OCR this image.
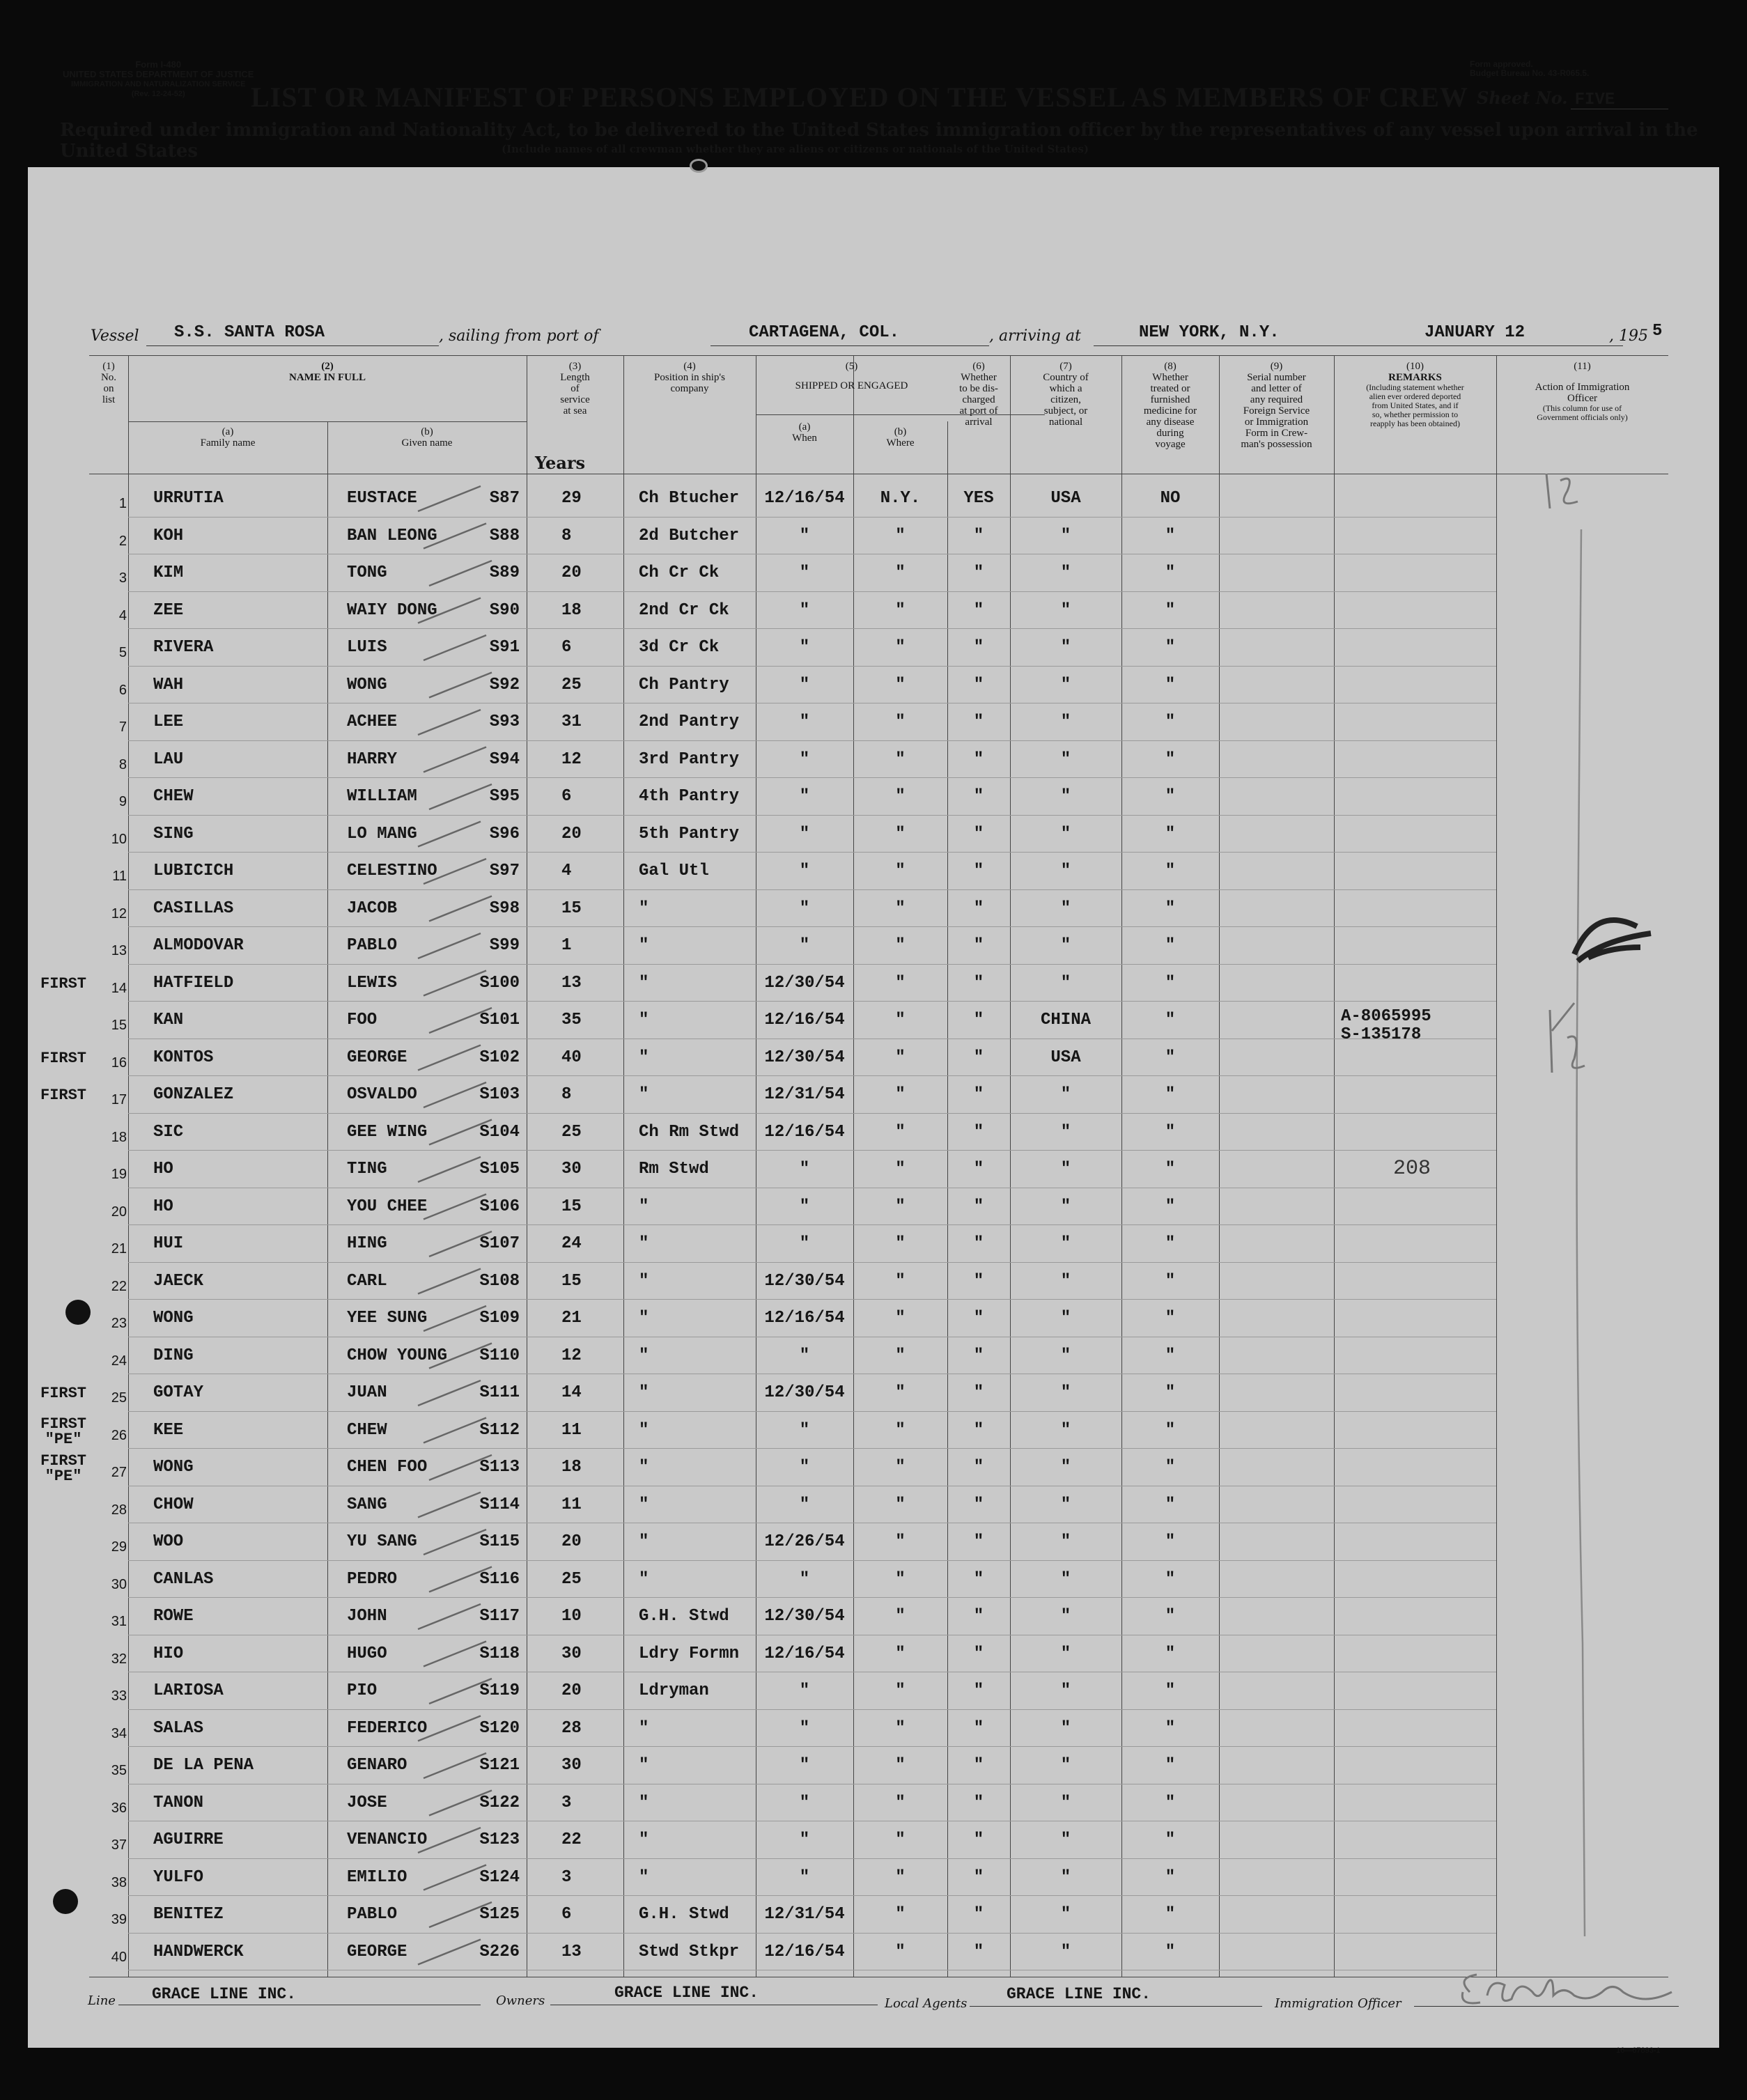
Form I-480
UNITED STATES DEPARTMENT OF JUSTICE
IMMIGRATION AND NATURALIZATION SERVICE
(Rev. 12-24-52)
Form approved.
Budget Bureau No. 43-R065.5.
LIST OR MANIFEST OF PERSONS EMPLOYED ON THE VESSEL AS MEMBERS OF CREW Sheet No. FIVE
Required under immigration and Nationality Act, to be delivered to the United States immigration officer by the representatives of any vessel upon arrival in the United States	(Include names of all crewman whether they are aliens or citizens or nationals of the United States)
Vessel S.S. SANTA ROSA	, sailing from port of	CARTAGENA, COL.	, arriving at	NEW YORK, N.Y.	JANUARY 12	, 195 5
(1)
No.
on
list
(2)
NAME IN FULL
(a)
Family name
(b)
Given name
(3)
Length
of
service
at sea
Years
(4)
Position in ship's
company
(5)
SHIPPED OR ENGAGED
(a)
When
(b)
Where
(6)
Whether
to be dis-
charged
at port of
arrival
(7)
Country of
which a
citizen,
subject, or
national
(8)
Whether
treated or
furnished
medicine for
any disease
during
voyage
(9)
Serial number
and letter of
any required
Foreign Service
or Immigration
Form in Crew-
man's possession
(10)
REMARKS
(Including statement whether
alien ever ordered deported
from United States, and if
so, whether permission to
reapply has been obtained)
(11)
Action of Immigration
Officer
(This column for use of
Government officials only)
1 URRUTIA	EUSTACE	S87	29	Ch Btucher	12/16/54	N.Y.	YES	USA	NO
2 KOH	BAN LEONG	S88	8	2d Butcher	"	"	"	"	"
3 KIM	TONG	S89	20	Ch Cr Ck	"	"	"	"	"
4 ZEE	WAIY DONG	S90	18	2nd Cr Ck	"	"	"	"	"
5 RIVERA	LUIS	S91	6	3d Cr Ck	"	"	"	"	"
6 WAH	WONG	S92	25	Ch Pantry	"	"	"	"	"
7 LEE	ACHEE	S93	31	2nd Pantry	"	"	"	"	"
8 LAU	HARRY	S94	12	3rd Pantry	"	"	"	"	"
9 CHEW	WILLIAM	S95	6	4th Pantry	"	"	"	"	"
10 SING	LO MANG	S96	20	5th Pantry	"	"	"	"	"
11 LUBICICH	CELESTINO	S97	4	Gal Utl	"	"	"	"	"
12 CASILLAS	JACOB	S98	15	"	"	"	"	"	"
13 ALMODOVAR	PABLO	S99	1	"	"	"	"	"	"
14
FIRST	HATFIELD	LEWIS	S100	13	"	12/30/54	"	"	"	"
15 KAN	FOO	S101	35	"	12/16/54	"	"	CHINA	"	A-8065995
S-135178
16
FIRST	KONTOS	GEORGE	S102	40	"	12/30/54	"	"	USA	"
17
FIRST	GONZALEZ	OSVALDO	S103	8	"	12/31/54	"	"	"	"
18 SIC	GEE WING	S104	25	Ch Rm Stwd	12/16/54	"	"	"	"
19 HO	TING	S105	30	Rm Stwd	"	"	"	"	"	208
20 HO	YOU CHEE	S106	15	"	"	"	"	"	"
21 HUI	HING	S107	24	"	"	"	"	"	"
22 JAECK	CARL	S108	15	"	12/30/54	"	"	"	"
23 WONG	YEE SUNG	S109	21	"	12/16/54	"	"	"	"
24 DING	CHOW YOUNG	S110	12	"	"	"	"	"	"
25
FIRST	GOTAY	JUAN	S111	14	"	12/30/54	"	"	"	"
26
FIRST
"PE"	KEE	CHEW	S112	11	"	"	"	"	"	"
27
FIRST
"PE"	WONG	CHEN FOO	S113	18	"	"	"	"	"	"
28 CHOW	SANG	S114	11	"	"	"	"	"	"
29 WOO	YU SANG	S115	20	"	12/26/54	"	"	"	"
30 CANLAS	PEDRO	S116	25	"	"	"	"	"	"
31 ROWE	JOHN	S117	10	G.H. Stwd	12/30/54	"	"	"	"
32 HIO	HUGO	S118	30	Ldry Formn	12/16/54	"	"	"	"
33 LARIOSA	PIO	S119	20	Ldryman	"	"	"	"	"
34 SALAS	FEDERICO	S120	28	"	"	"	"	"	"
35 DE LA PENA	GENARO	S121	30	"	"	"	"	"	"
36 TANON	JOSE	S122	3	"	"	"	"	"	"
37 AGUIRRE	VENANCIO	S123	22	"	"	"	"	"	"
38 YULFO	EMILIO	S124	3	"	"	"	"	"	"
39 BENITEZ	PABLO	S125	6	G.H. Stwd	12/31/54	"	"	"	"
40 HANDWERCK	GEORGE	S226	13	Stwd Stkpr	12/16/54	"	"	"	"
Line GRACE LINE INC.	Owners	GRACE LINE INC.
Local Agents
GRACE LINE INC.
Immigration Officer
16—67893-1
